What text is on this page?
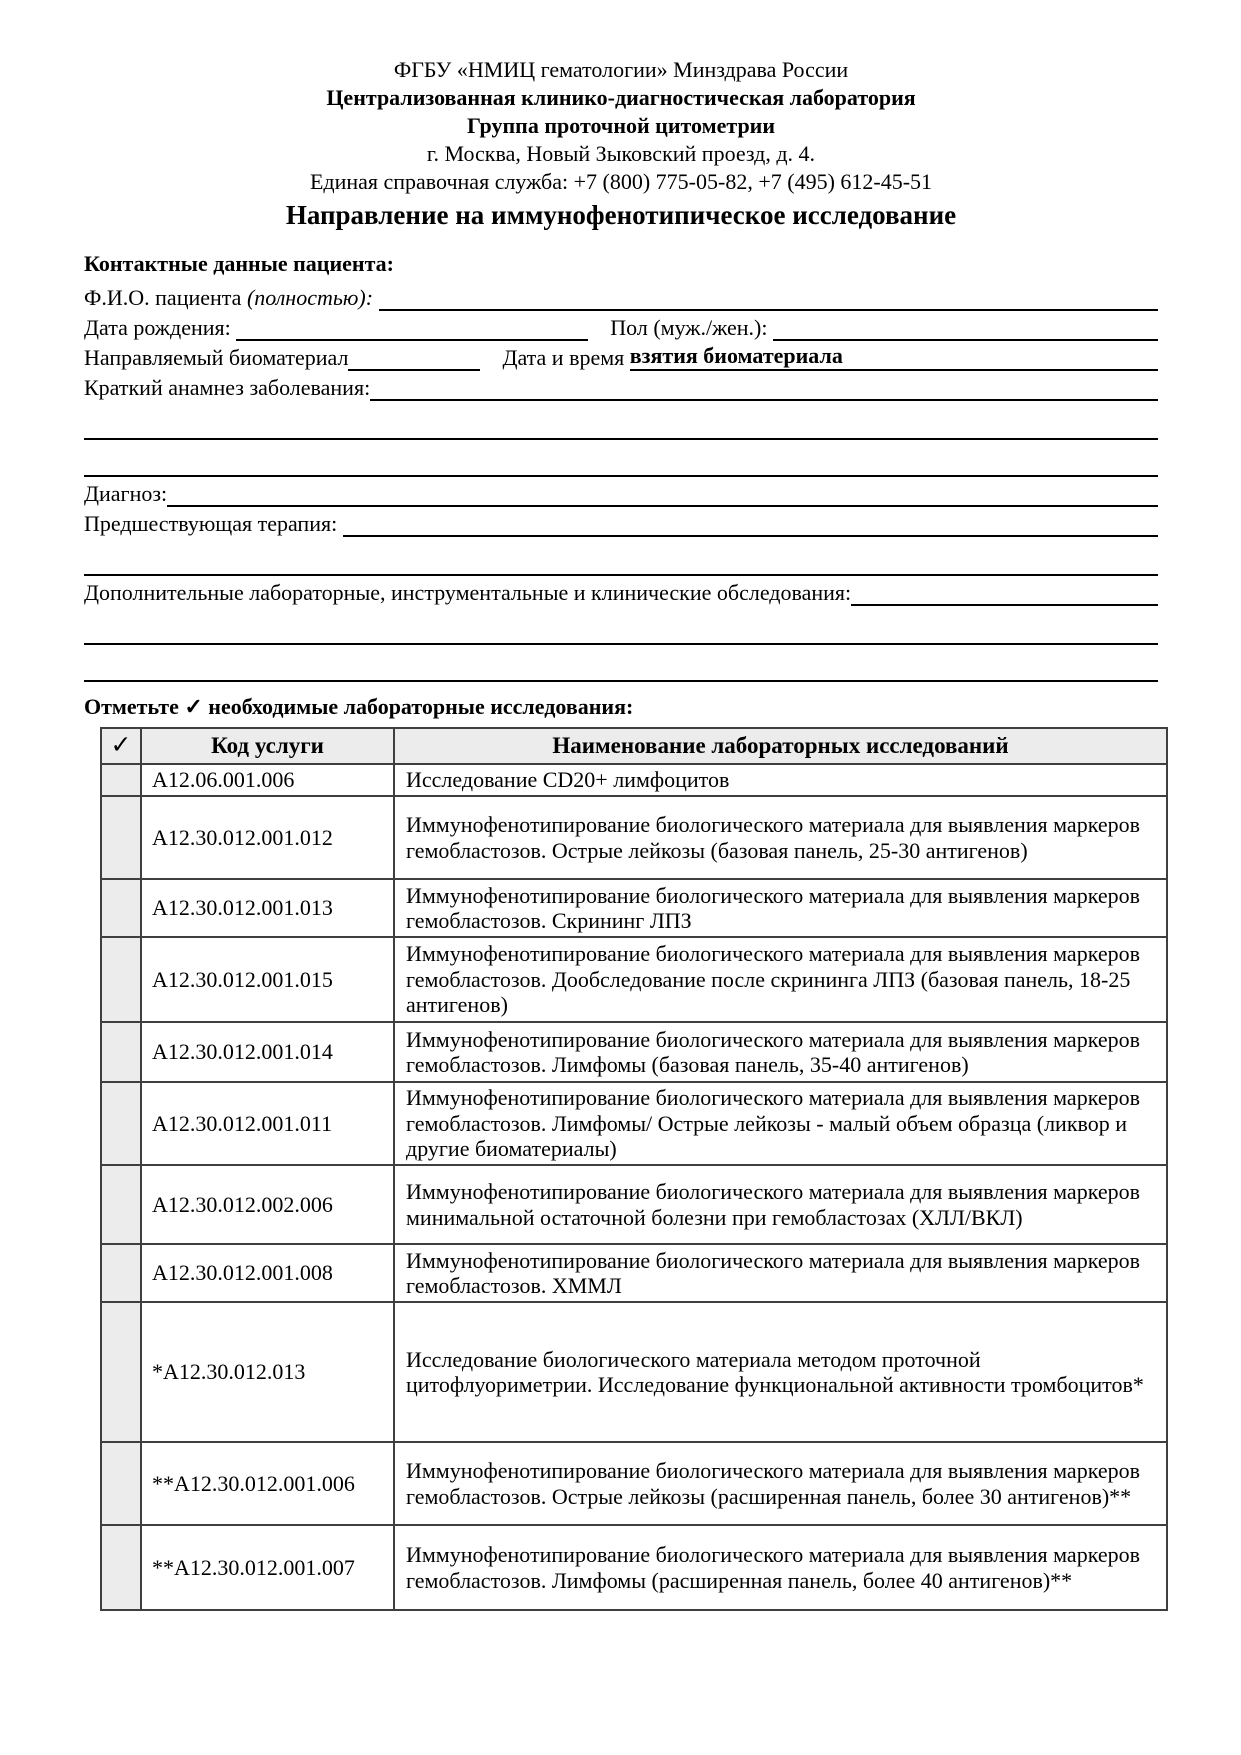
ФГБУ «НМИЦ гематологии» Минздрава России
Централизованная клинико-диагностическая лаборатория
Группа проточной цитометрии
г. Москва, Новый Зыковский проезд, д. 4.
Единая справочная служба: +7 (800) 775-05-82, +7 (495) 612-45-51
Направление на иммунофенотипическое исследование
Контактные данные пациента:
Ф.И.О. пациента (полностью):

Дата рождения:	Пол (муж./жен.):
Направляемый биоматериал	Дата и время взятия биоматериала
Краткий анамнез заболевания:
Диагноз:
Предшествующая терапия:
Дополнительные лабораторные, инструментальные и клинические обследования:
Отметьте ✓ необходимые лабораторные исследования:
✓	Код услуги	Наименование лабораторных исследований
	А12.06.001.006	Исследование CD20+ лимфоцитов
	А12.30.012.001.012	Иммунофенотипирование биологического материала для выявления маркеров гемобластозов. Острые лейкозы (базовая панель, 25-30 антигенов)
	А12.30.012.001.013	Иммунофенотипирование биологического материала для выявления маркеров гемобластозов. Скрининг ЛПЗ
	А12.30.012.001.015	Иммунофенотипирование биологического материала для выявления маркеров гемобластозов. Дообследование после скрининга ЛПЗ (базовая панель, 18-25 антигенов)
	А12.30.012.001.014	Иммунофенотипирование биологического материала для выявления маркеров гемобластозов. Лимфомы (базовая панель, 35-40 антигенов)
	А12.30.012.001.011	Иммунофенотипирование биологического материала для выявления маркеров гемобластозов. Лимфомы/ Острые лейкозы - малый объем образца (ликвор и другие биоматериалы)
	А12.30.012.002.006	Иммунофенотипирование биологического материала для выявления маркеров минимальной остаточной болезни при гемобластозах (ХЛЛ/ВКЛ)
	А12.30.012.001.008	Иммунофенотипирование биологического материала для выявления маркеров гемобластозов. ХММЛ
	*А12.30.012.013	Исследование биологического материала методом проточной цитофлуориметрии. Исследование функциональной активности тромбоцитов*
	**А12.30.012.001.006	Иммунофенотипирование биологического материала для выявления маркеров гемобластозов. Острые лейкозы (расширенная панель, более 30 антигенов)**
	**А12.30.012.001.007	Иммунофенотипирование биологического материала для выявления маркеров гемобластозов. Лимфомы (расширенная панель, более 40 антигенов)**
